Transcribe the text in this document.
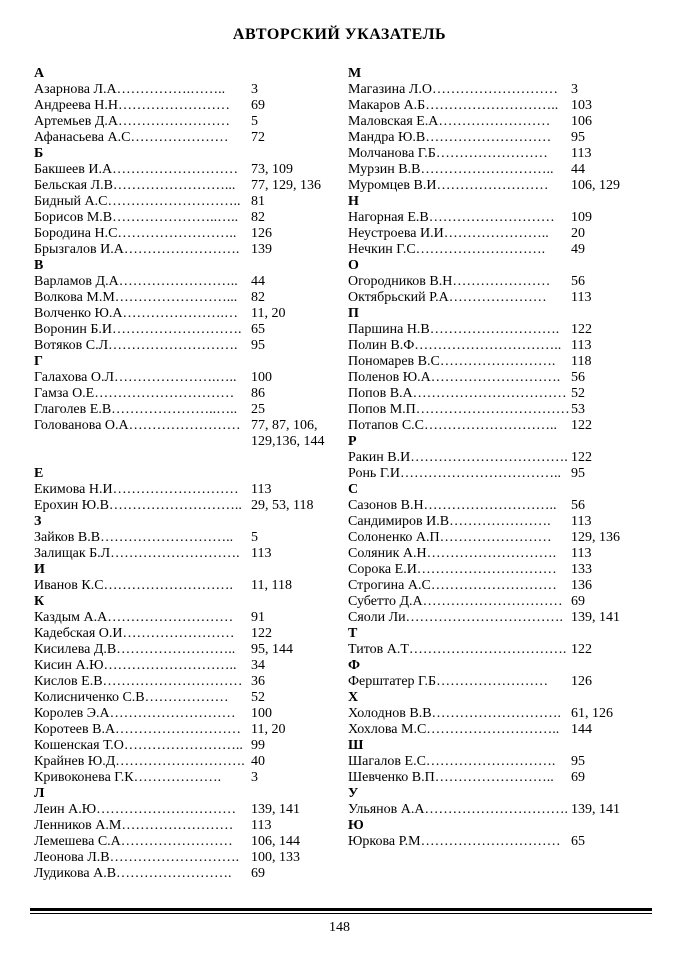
АВТОРСКИЙ УКАЗАТЕЛЬ
А
Азарнова Л.А…………….…….. 3
Андреева Н.Н…………………… 69
Артемьев Д.А…………………… 5
Афанасьева А.С………………… 72
Б
Бакшеев И.А……………………… 73, 109
Бельская Л.В……………………... 77, 129, 136
Бидный А.С……………………….. 81
Борисов М.В…………………..….. 82
Бородина Н.С…………………….. 126
Брызгалов И.А……………………. 139
В
Варламов Д.А…………………….. 44
Волкова М.М……………………... 82
Волченко Ю.А………………….… 11, 20
Воронин Б.И………………………. 65
Вотяков С.Л………………………. 95
Г
Галахова О.Л………………….….. 100
Гамза О.Е………………………… 86
Глаголев Е.В…………………..….. 25
Голованова О.А…………………… 77, 87, 106,
129,136, 144
Е
Екимова Н.И……………………… 113
Ерохин Ю.В……………………….. 29, 53, 118
З
Зайков В.В……………………….. 5
Залищак Б.Л………………………. 113
И
Иванов К.С………………………. 11, 118
К
Каздым А.А……………………… 91
Кадебская О.И…………………… 122
Кисилева Д.В…………………….. 95, 144
Кисин А.Ю……………………….. 34
Кислов Е.В………………………… 36
Колисниченко С.В……………… 52
Королев Э.А……………………… 100
Коротеев В.А……………………… 11, 20
Кошенская Т.О…………………….. 99
Крайнев Ю.Д………………………. 40
Кривоконева Г.К………………. 3
Л
Леин А.Ю………………………… 139, 141
Ленников А.М…………………… 113
Лемешева С.А…………………… 106, 144
Леонова Л.В………………………. 100, 133
Лудикова А.В……………………. 69
М
Магазина Л.О……………………… 3
Макаров А.Б……………………….. 103
Маловская Е.А…………………… 106
Мандра Ю.В……………………… 95
Молчанова Г.Б…………………… 113
Мурзин В.В……………………….. 44
Муромцев В.И…………………… 106, 129
Н
Нагорная Е.В……………………… 109
Неустроева И.И………………….. 20
Нечкин Г.С………………………. 49
О
Огородников В.Н………………… 56
Октябрьский Р.А………………… 113
П
Паршина Н.В………………………. 122
Полин В.Ф………………………….. 113
Пономарев В.С……………………. 118
Поленов Ю.А………………………. 56
Попов В.А…………………………… 52
Попов М.П…………………………… 53
Потапов С.С……………………….. 122
Р
Ракин В.И……………………………. 122
Ронь Г.И…………………………….. 95
С
Сазонов В.Н……………………….. 56
Сандимиров И.В…………………. 113
Солоненко А.П…………………… 129, 136
Соляник А.Н………………………. 113
Сорока Е.И………………………… 133
Строгина А.С……………………… 136
Субетто Д.А………………………… 69
Сяоли Ли……………………………. 139, 141
Т
Титов А.Т……………………………. 122
Ф
Ферштатер Г.Б…………………… 126
Х
Холоднов В.В………………………. 61, 126
Хохлова М.С……………………….. 144
Ш
Шагалов Е.С………………………. 95
Шевченко В.П…………………….. 69
У
Ульянов А.А…………………………. 139, 141
Ю
Юркова Р.М………………………… 65
148
